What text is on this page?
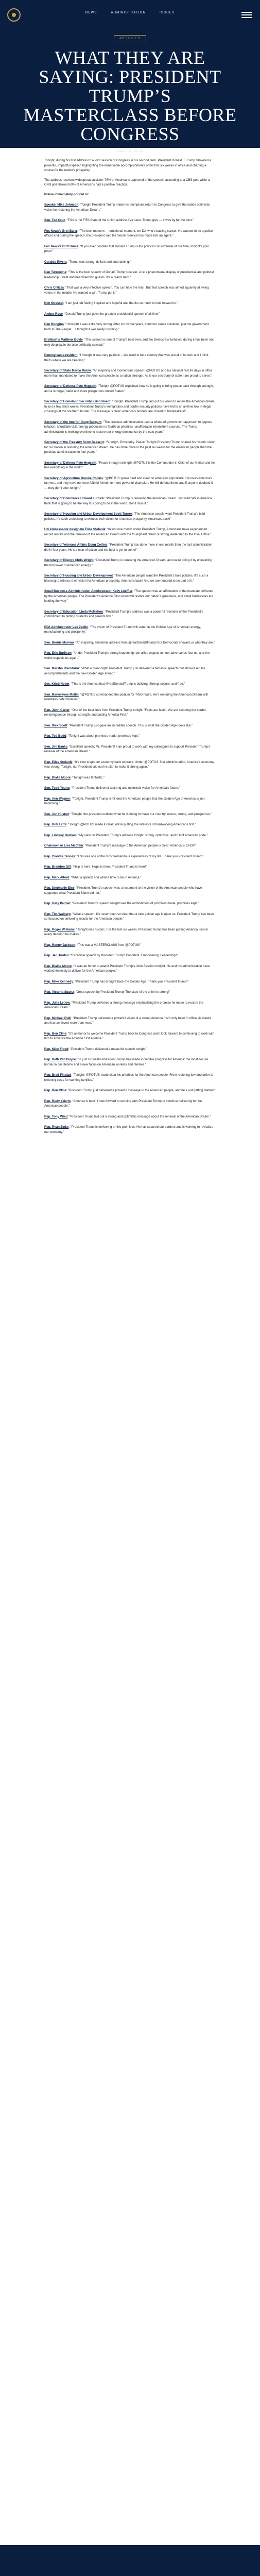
NEWS	ADMINISTRATION	ISSUES
ARTICLES
WHAT THEY ARE SAYING: PRESIDENT TRUMP’S MASTERCLASS BEFORE CONGRESS
March 5, 2025

Tonight, during his first address to a joint session of Congress in his second term, President Donald J. Trump delivered a powerful, impactful speech highlighting the remarkable accomplishments of his first six weeks in office and charting a course for the nation’s prosperity.

The address received widespread acclaim: 76% of Americans approved of the speech, according to a CBS poll, while a CNN poll showed 69% of Americans had a positive reaction.

Praise immediately poured in:

Speaker Mike Johnson: “Tonight President Trump made his triumphant return to Congress to give the nation optimistic vision for restoring the American Dream.”

Sen. Ted Cruz: “This is the FIFA State of the Union address I’ve seen. Trump give — it was by far the best.”

Fox News’s Bret Baier: “The best moment — emotional moment, we DJ, who’s battling cancer. He wanted to be a police officer and during the speech, the president said the Secret Service has made him an agent.”

Fox News’s Britt Hume: “If you ever doubted that Donald Trump is the political consummate of our time, tonight’s your proof.”

Geraldo Rivera: “Trump was strong, defiant and entertaining.”

Dan Turrentine: “This is the best speech of Donald Trump’s career. Just a phenomenal display of presidential and political leadership. Great and heartwarming guests. It’s a grand slam.”

Chris Cillizza: “That was a very effective speech. You can hate the man. But that speech was aimed squarely at swing voters in the middle. He wanted a win. Trump got it.”

Kim Strassel: “I am just left feeling inspired and hopeful and thanks so much to look forward to.”

Amber Rose: “Donald Trump just gave the greatest presidential speech of all time!”

Dan Bongino: “I thought it was extremely strong. After six dismal years, common sense solutions, just the government back to The People… I thought it was really inspiring.”

Breitbart’s Matthew Boyle: “This speech is one of Trump’s best ever, and the Democrats’ behavior during it has been not only despicable but also politically suicidal.”

Pennsylvania resident: “I thought it was very patriotic... We used to be a country that was proud of its own and I think that’s where we are heading.”

Secretary of State Marco Rubio: “An inspiring and momentous speech! @POTUS and his national first 43 days in office more than mandated to make the American people as a nation stronger. As is our secretary of state I am proud to serve.”

Secretary of Defense Pete Hegseth: “Tonight @POTUS explained how he is going to bring peace back through strength, and a stronger, safer and more prosperous United States.”

Secretary of Homeland Security Kristi Noem: “Tonight, President Trump laid out his vision to renew the American dream. In just a few short weeks, President Trump’s immigration and border security policies have led to an all-time low in illegal crossings at the southern border. The message is clear: America’s borders are closed to lawbreakers!”

Secretary of the Interior Doug Burgum: “The previous administration used a whole-of-government approach to oppose inflation, affordable U.S. energy production is fourth on priorities, unaffordable intermittent sources. The Trump administration is working overtime to restore our energy dominance by the next years.”

Secretary of the Treasury Scott Bessent: “Strength. Prosperity. Peace. Tonight President Trump shared his historic vision for our nation in restoring the American dream. He has done more in the past six weeks for the American people than the previous administration in four years.”

Secretary of Defense Pete Hegseth: “Peace through strength. @POTUS is the Commander in Chief of our Nation and he has everything in the world.”

Secretary of Agriculture Brooke Rollins: “@POTUS spoke hard and clear on American agriculture: He loves America’s farmers, and they have no more faithful friend nor more powerful champion. He will defend them, and if anyone doubted it — they don’t after tonight.”

Secretary of Commerce Howard Lutnick: “President Trump is renewing the American Dream. Just wait! We in America think that is going to be the way it is going to be in the world. Don’t miss it.”

Secretary of Housing and Urban Development Scott Turner: “The American people want President Trump’s bold policies. It’s such a blessing to witness their vision for American prosperity. America’s back!”

UN Ambassador designate Elise Stefanik: “In just one month under President Trump, Americans have experienced record results and the renewal of the American Dream with the triumphant return of strong leadership to the Oval Office.”

Secretary of Veterans Affairs Doug Collins: “President Trump has done more in one month than the last administration did in four years. He’s a man of action and the best is yet to come!”

Secretary of Energy Chris Wright: “President Trump is renewing the American Dream, and we’re doing it by unleashing the full power of American energy.”

Secretary of Housing and Urban Development: “The American people want the President’s bold policies. It’s such a blessing to witness their vision for American prosperity. America’s back! And we are honored to be part of it.”

Small Business Administration Administrator Kelly Loeffler: “The speech was an affirmation of the mandate delivered by the American people. The President’s America First vision will restore our nation’s greatness, and small businesses are leading the way.”

Secretary of Education Linda McMahon: “President Trump’s address was a powerful reminder of the President’s commitment to putting students and parents first.”

EPA Administrator Lee Zeldin: “The vision of President Trump will usher in the Golden Age of American energy, manufacturing and prosperity.”

Sen. Bernie Moreno: “An inspiring, emotional address from @realDonaldTrump! But Democrats showed us who they are.”

Rep. Eric Burlison: “Under President Trump’s strong leadership, our allies respect us, our adversaries fear us, and the world respects us again.”

Sen. Marsha Blackburn: “What a great night! President Trump just delivered a fantastic speech that showcased his accomplishments and the new Golden Age ahead.”

Sec. Kristi Noem: “This is the America that @realDonaldTrump is building. Strong, secure, and free.”

Sen. Markwayne Mullin: “@POTUS commanded the podium for TWO hours. He’s restoring the American Dream with relentless determination.”

Rep. John Carter: “One of the best lines from President Trump tonight: ‘Facts are facts’. We are securing the border, restoring peace through strength, and putting America First.”

Sen. Rick Scott: “President Trump just gave an incredible speech. This is what the Golden Age looks like.”

Rep. Ted Budd: “Tonight was about promises made, promises kept.”

Sen. Jim Banks: “Excellent speech, Mr. President! I am proud to work with my colleagues to support President Trump’s renewal of the American Dream.”

Rep. Elise Stefanik: “It’s time to get our economy back on track. Under @POTUS’ first administration, America’s economy was strong. Tonight, our President laid out his plan to make it strong again.”

Rep. Blake Moore: “Tonight was fantastic.”

Sen. Todd Young: “President Trump delivered a strong and optimistic vision for America’s future.”

Rep. Ann Wagner: “Tonight, President Trump reminded the American people that the Golden Age of America is just beginning.”

Sen. Jon Husted: “Tonight, the president outlined what he is doing to make our country secure, strong, and prosperous.”

Rep. Bob Latta: “Tonight @POTUS made it clear: We’re putting the interests of hardworking Americans first.”

Rep. Lindsey Graham: “My view on President Trump’s address tonight: strong, optimistic, and full of American pride.”

Chairwoman Lisa McClain: “President Trump’s message to the American people is clear: America is BACK!”

Rep. Claudia Tenney: “This was one of the most tremendous experiences of my life. Thank you President Trump!”

Rep. Brandon Gill: “Help is here. Hope is here. President Trump is here!”

Rep. Mark Alford: “What a speech and what a time to be in America.”

Rep. Stephanie Bice: “President Trump’s speech was a testament to the vision of the American people who have supported what President Biden did not.”

Rep. Gary Palmer: “President Trump’s speech tonight was the embodiment of promises made, promises kept.”

Rep. Tim Walberg: “What a speech. It’s never been so clear that a new golden age is upon us. President Trump has been so focused on delivering results for the American people.”

Rep. Roger Williams: “Tonight was historic. For the last six weeks, President Trump has been putting America First in every decision he makes.”

Rep. Ronny Jackson: “This was a MASTERCLASS from @POTUS!”

Rep. Jen Jordan: “Incredible speech by President Trump! Confident. Empowering. Leadership!”

Rep. Blaine Moore: “It was an honor to attend President Trump’s Joint Session tonight. He and his administration have worked tirelessly to deliver for the American people.”

Rep. Mike Kennedy: “President Trump has brought back the Golden Age. Thank you President Trump!”

Rep. Victoria Spartz: “Great speech by President Trump! The state of the union is strong!”

Rep. Julia Letlow: “President Trump delivered a strong message emphasizing the promise he made to restore the American Dream.”

Rep. Michael Rulli: “President Trump delivered a powerful vision of a strong America. He’s only been in office six weeks and has achieved more than most.”

Rep. Ben Cline: “It’s an honor to welcome President Trump back to Congress and I look forward to continuing to work with him to advance the America First agenda.”

Rep. Mike Flood: “President Trump delivered a masterful speech tonight.”

Rep. Beth Van Duyne: “In just six weeks President Trump has made incredible progress for America: the most secure border in our lifetime and a new focus on American workers and families.”

Rep. Brad Finstad: “Tonight, @POTUS made clear his priorities for the American people. From restoring law and order to lowering costs for working families.”

Rep. Ben Cline: “President Trump just delivered a powerful message to the American people, and he’s just getting started.”

Rep. Rudy Yakym: “America is back! I look forward to working with President Trump to continue delivering for the American people.”

Rep. Tony Wied: “President Trump laid out a strong and optimistic message about the renewal of the American Dream.”

Rep. Ryan Zinke: “President Trump is delivering on his promises. He has secured our borders and is working to revitalize our economy.”
